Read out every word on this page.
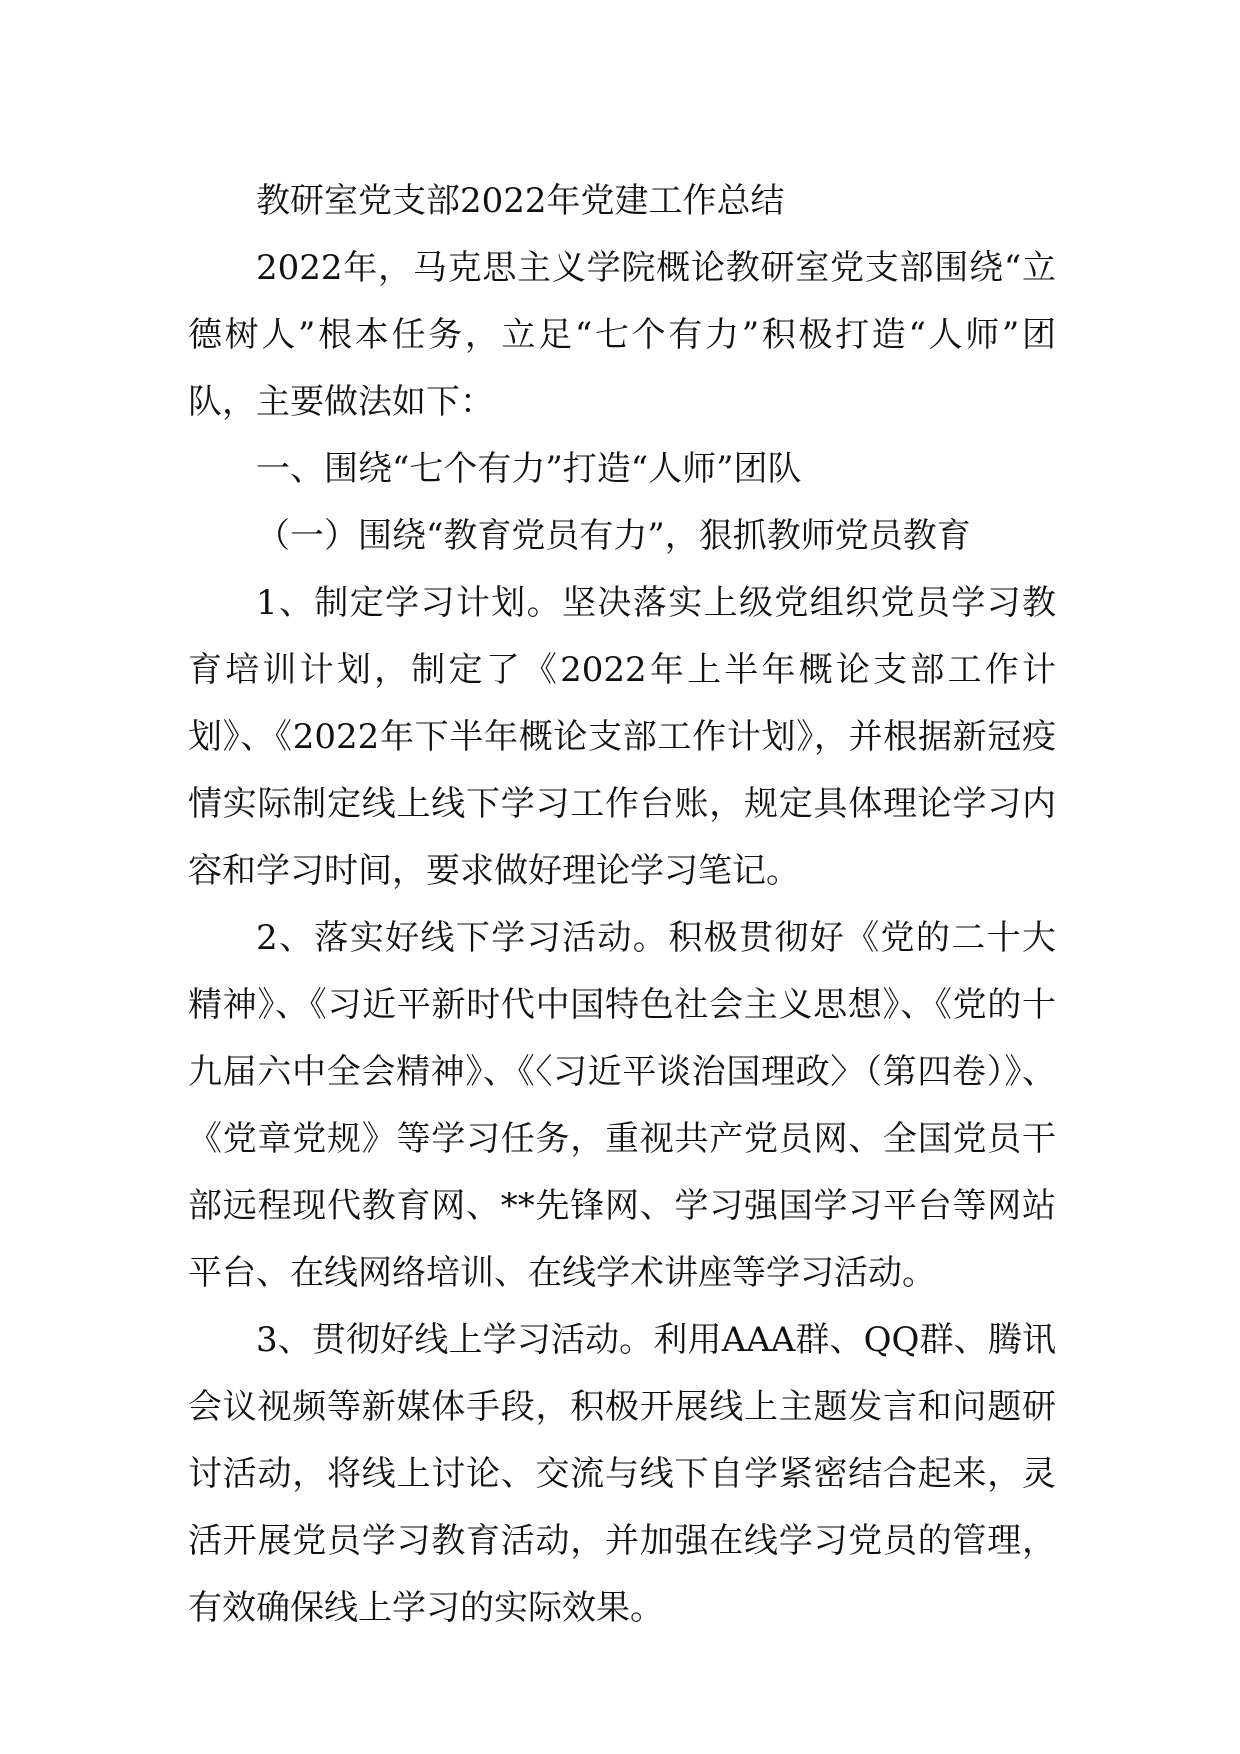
教研室党支部2022年党建工作总结

2022年，马克思主义学院概论教研室党支部围绕“立德树人”根本任务，立足“七个有力”积极打造“人师”团队，主要做法如下：

一、围绕“七个有力”打造“人师”团队

（一）围绕“教育党员有力”，狠抓教师党员教育

1、制定学习计划。坚决落实上级党组织党员学习教育培训计划，制定了《2022年上半年概论支部工作计划》、《2022年下半年概论支部工作计划》，并根据新冠疫情实际制定线上线下学习工作台账，规定具体理论学习内容和学习时间，要求做好理论学习笔记。

2、落实好线下学习活动。积极贯彻好《党的二十大精神》、《习近平新时代中国特色社会主义思想》、《党的十九届六中全会精神》、《〈习近平谈治国理政〉（第四卷）》、《党章党规》等学习任务，重视共产党员网、全国党员干部远程现代教育网、**先锋网、学习强国学习平台等网站平台、在线网络培训、在线学术讲座等学习活动。

3、贯彻好线上学习活动。利用AAA群、QQ群、腾讯会议视频等新媒体手段，积极开展线上主题发言和问题研讨活动，将线上讨论、交流与线下自学紧密结合起来，灵活开展党员学习教育活动，并加强在线学习党员的管理，有效确保线上学习的实际效果。
